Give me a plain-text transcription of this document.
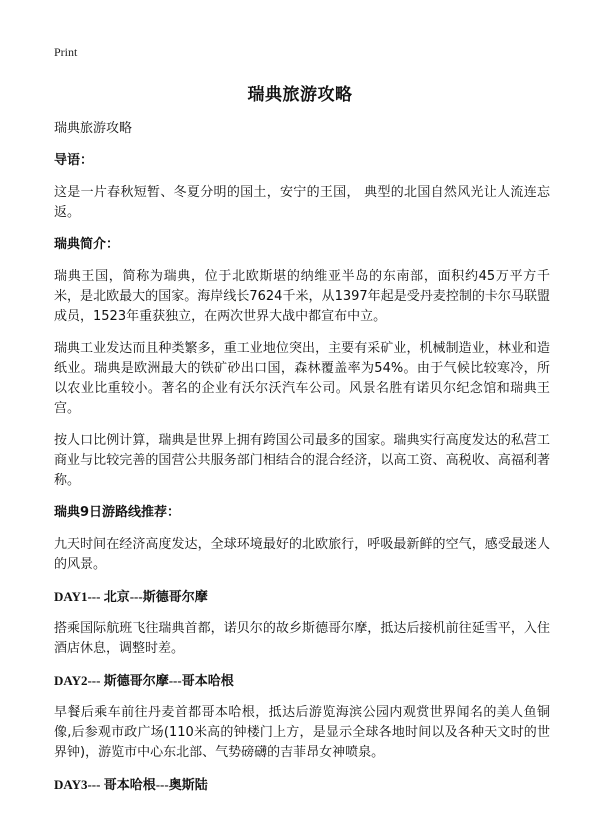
Print
瑞典旅游攻略

瑞典旅游攻略

导语：

这是一片春秋短暂、冬夏分明的国土，安宁的王国， 典型的北国自然风光让人流连忘返。

瑞典简介：

瑞典王国，简称为瑞典，位于北欧斯堪的纳维亚半岛的东南部，面积约45万平方千米，是北欧最大的国家。海岸线长7624千米，从1397年起是受丹麦控制的卡尔马联盟成员，1523年重获独立，在两次世界大战中都宣布中立。

瑞典工业发达而且种类繁多，重工业地位突出，主要有采矿业，机械制造业，林业和造纸业。瑞典是欧洲最大的铁矿砂出口国，森林覆盖率为54%。由于气候比较寒冷，所以农业比重较小。著名的企业有沃尔沃汽车公司。风景名胜有诺贝尔纪念馆和瑞典王宫。

按人口比例计算，瑞典是世界上拥有跨国公司最多的国家。瑞典实行高度发达的私营工商业与比较完善的国营公共服务部门相结合的混合经济，以高工资、高税收、高福利著称。

瑞典9日游路线推荐：

九天时间在经济高度发达，全球环境最好的北欧旅行，呼吸最新鲜的空气，感受最迷人的风景。

DAY1--- 北京---斯德哥尔摩

搭乘国际航班飞往瑞典首都，诺贝尔的故乡斯德哥尔摩，抵达后接机前往延雪平，入住酒店休息，调整时差。

DAY2--- 斯德哥尔摩---哥本哈根

早餐后乘车前往丹麦首都哥本哈根，抵达后游览海滨公园内观赏世界闻名的美人鱼铜像,后参观市政广场(110米高的钟楼门上方，是显示全球各地时间以及各种天文时的世界钟)，游览市中心东北部、气势磅礴的吉菲昂女神喷泉。

DAY3--- 哥本哈根---奥斯陆
